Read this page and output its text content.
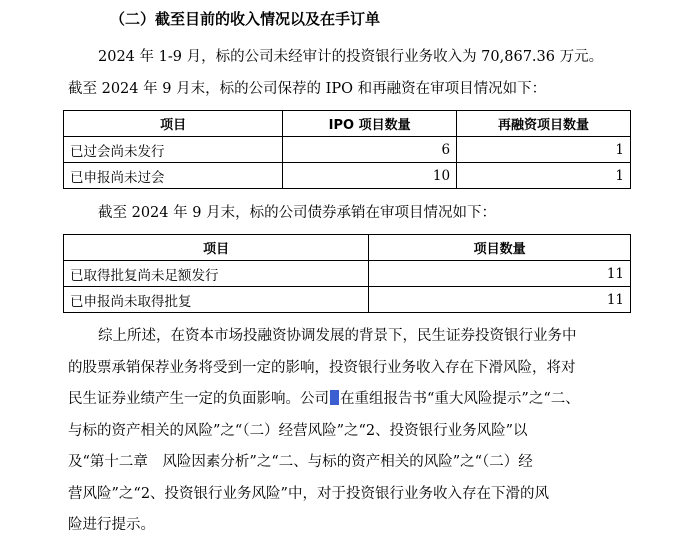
（二）截至目前的收入情况以及在手订单
2024 年 1-9 月，标的公司未经审计的投资银行业务收入为 70,867.36 万元。
截至 2024 年 9 月末，标的公司保荐的 IPO 和再融资在审项目情况如下：
项目	IPO 项目数量	再融资项目数量
已过会尚未发行	6	1
已申报尚未过会	10	1
截至 2024 年 9 月末，标的公司债券承销在审项目情况如下：
项目	项目数量
已取得批复尚未足额发行	11
已申报尚未取得批复	11
综上所述，在资本市场投融资协调发展的背景下，民生证券投资银行业务中
的股票承销保荐业务将受到一定的影响，投资银行业务收入存在下滑风险，将对
民生证券业绩产生一定的负面影响。公司 在重组报告书“重大风险提示”之“二、
与标的资产相关的风险”之“（二）经营风险”之“2、投资银行业务风险”以
及“第十二章　风险因素分析”之“二、与标的资产相关的风险”之“（二）经
营风险”之“2、投资银行业务风险”中，对于投资银行业务收入存在下滑的风
险进行提示。
